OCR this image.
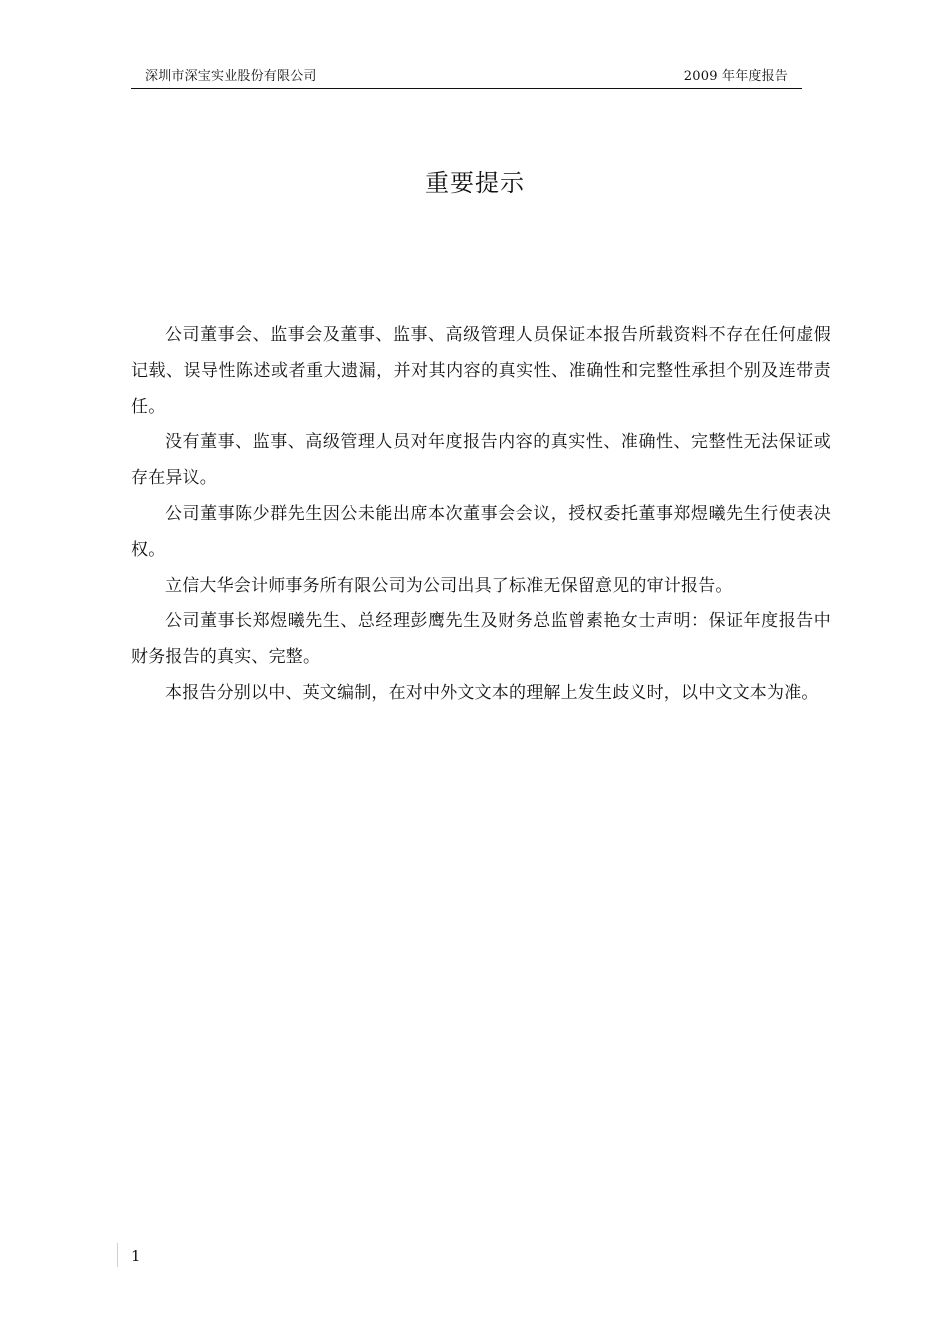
深圳市深宝实业股份有限公司	2009 年年度报告
重要提示

公司董事会、监事会及董事、监事、高级管理人员保证本报告所载资料不存在任何虚假记载、误导性陈述或者重大遗漏，并对其内容的真实性、准确性和完整性承担个别及连带责任。

没有董事、监事、高级管理人员对年度报告内容的真实性、准确性、完整性无法保证或存在异议。

公司董事陈少群先生因公未能出席本次董事会会议，授权委托董事郑煜曦先生行使表决权。

立信大华会计师事务所有限公司为公司出具了标准无保留意见的审计报告。

公司董事长郑煜曦先生、总经理彭鹰先生及财务总监曾素艳女士声明：保证年度报告中财务报告的真实、完整。

本报告分别以中、英文编制，在对中外文文本的理解上发生歧义时，以中文文本为准。

1
